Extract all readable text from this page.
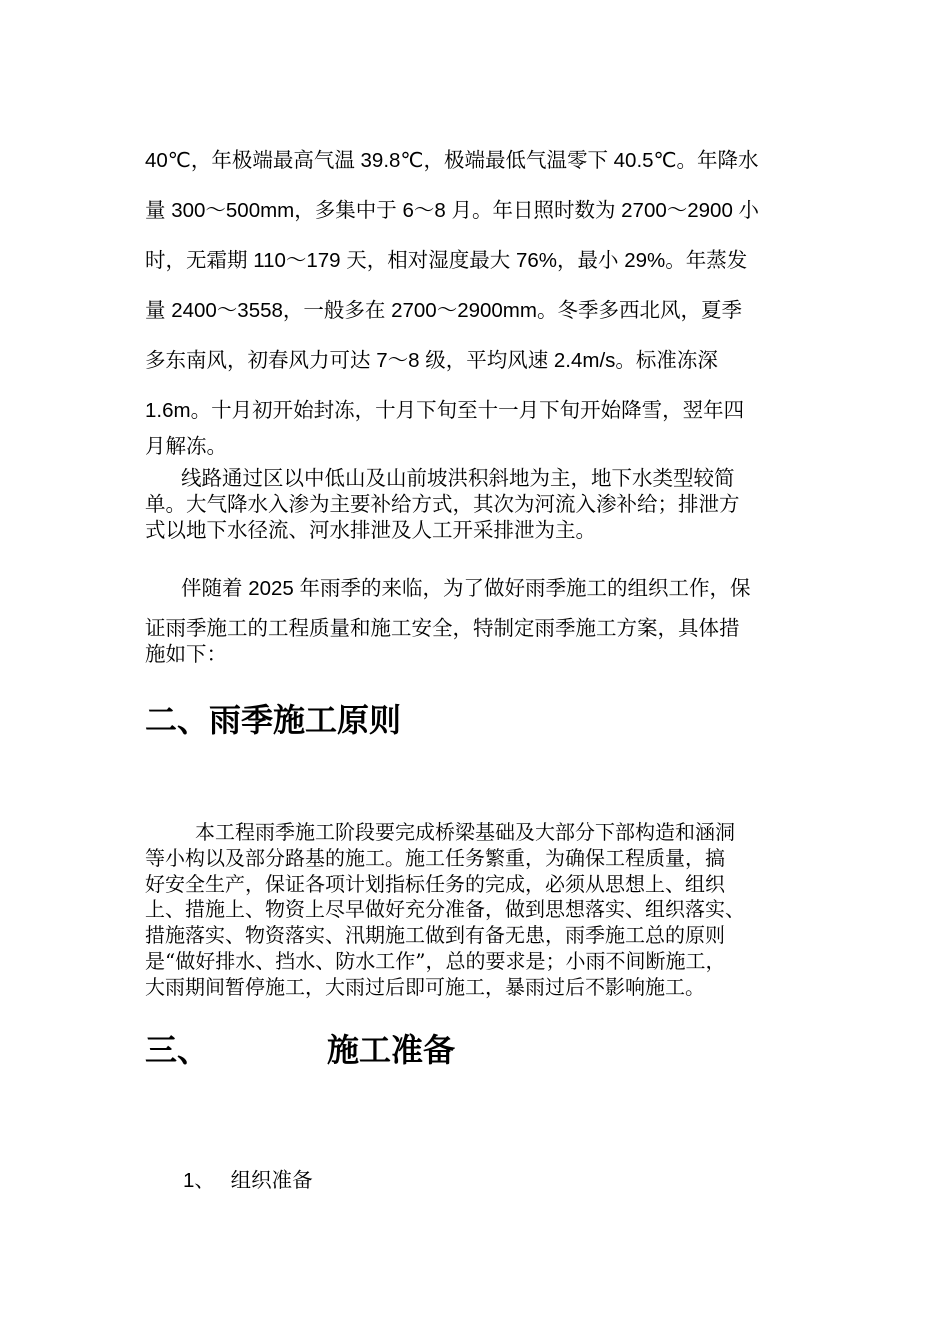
40℃，年极端最高气温 39.8℃，极端最低气温零下 40.5℃。年降水
量 300～500mm，多集中于 6～8 月。年日照时数为 2700～2900 小
时，无霜期 110～179 天，相对湿度最大 76%，最小 29%。年蒸发
量 2400～3558，一般多在 2700～2900mm。冬季多西北风，夏季
多东南风，初春风力可达 7～8 级，平均风速 2.4m/s。标准冻深
1.6m。十月初开始封冻，十月下旬至十一月下旬开始降雪，翌年四
月解冻。
线路通过区以中低山及山前坡洪积斜地为主，地下水类型较简
单。大气降水入渗为主要补给方式，其次为河流入渗补给；排泄方
式以地下水径流、河水排泄及人工开采排泄为主。
伴随着 2025 年雨季的来临，为了做好雨季施工的组织工作，保
证雨季施工的工程质量和施工安全，特制定雨季施工方案，具体措
施如下：
二、雨季施工原则
本工程雨季施工阶段要完成桥梁基础及大部分下部构造和涵洞
等小构以及部分路基的施工。施工任务繁重，为确保工程质量，搞
好安全生产，保证各项计划指标任务的完成，必须从思想上、组织
上、措施上、物资上尽早做好充分准备，做到思想落实、组织落实、
措施落实、物资落实、汛期施工做到有备无患，雨季施工总的原则
是“做好排水、挡水、防水工作”，总的要求是；小雨不间断施工，
大雨期间暂停施工，大雨过后即可施工，暴雨过后不影响施工。
三、	施工准备
1、 组织准备
